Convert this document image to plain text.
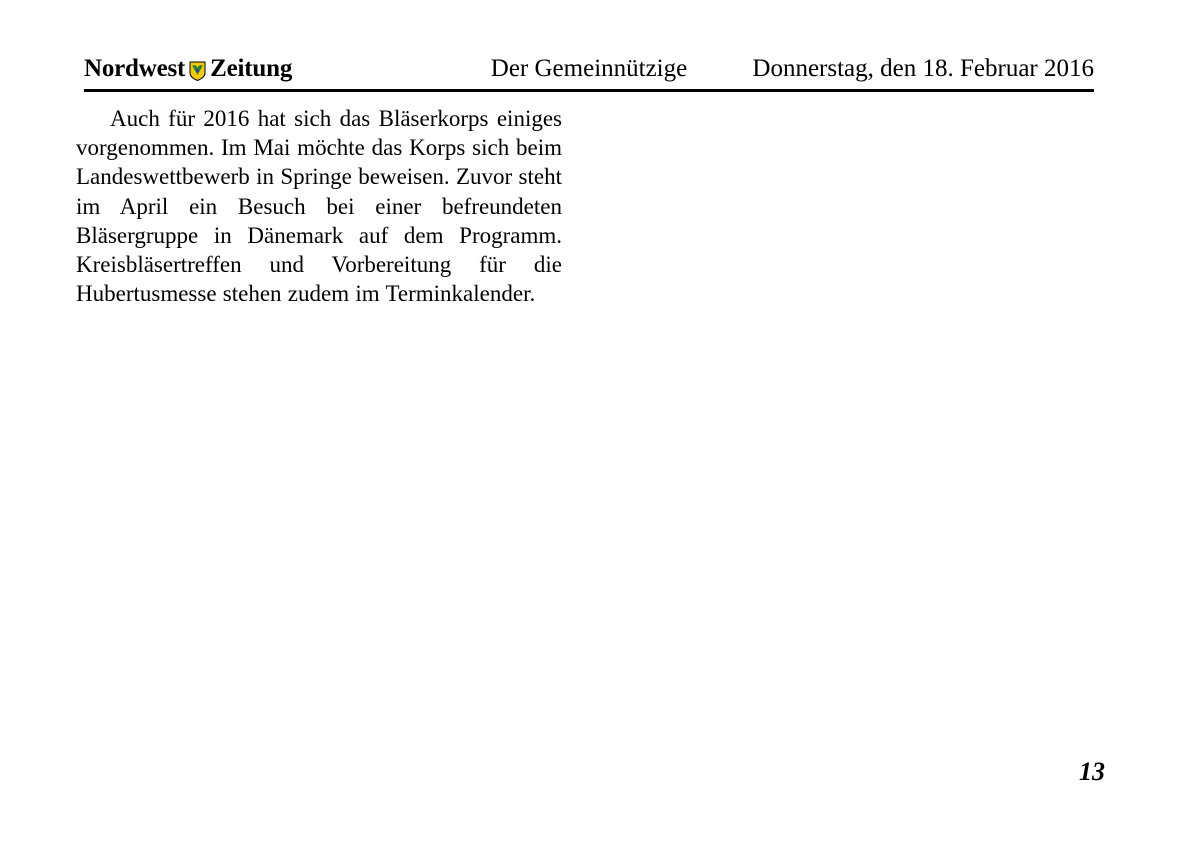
Nordwest Zeitung	Der Gemeinnützige	Donnerstag, den 18. Februar 2016

Auch für 2016 hat sich das Bläserkorps einiges vorgenommen. Im Mai möchte das Korps sich beim Landeswettbewerb in Springe beweisen. Zuvor steht im April ein Besuch bei einer befreundeten Bläsergruppe in Dänemark auf dem Programm. Kreisbläsertreffen und Vorbereitung für die Hubertusmesse stehen zudem im Terminkalender.

13
